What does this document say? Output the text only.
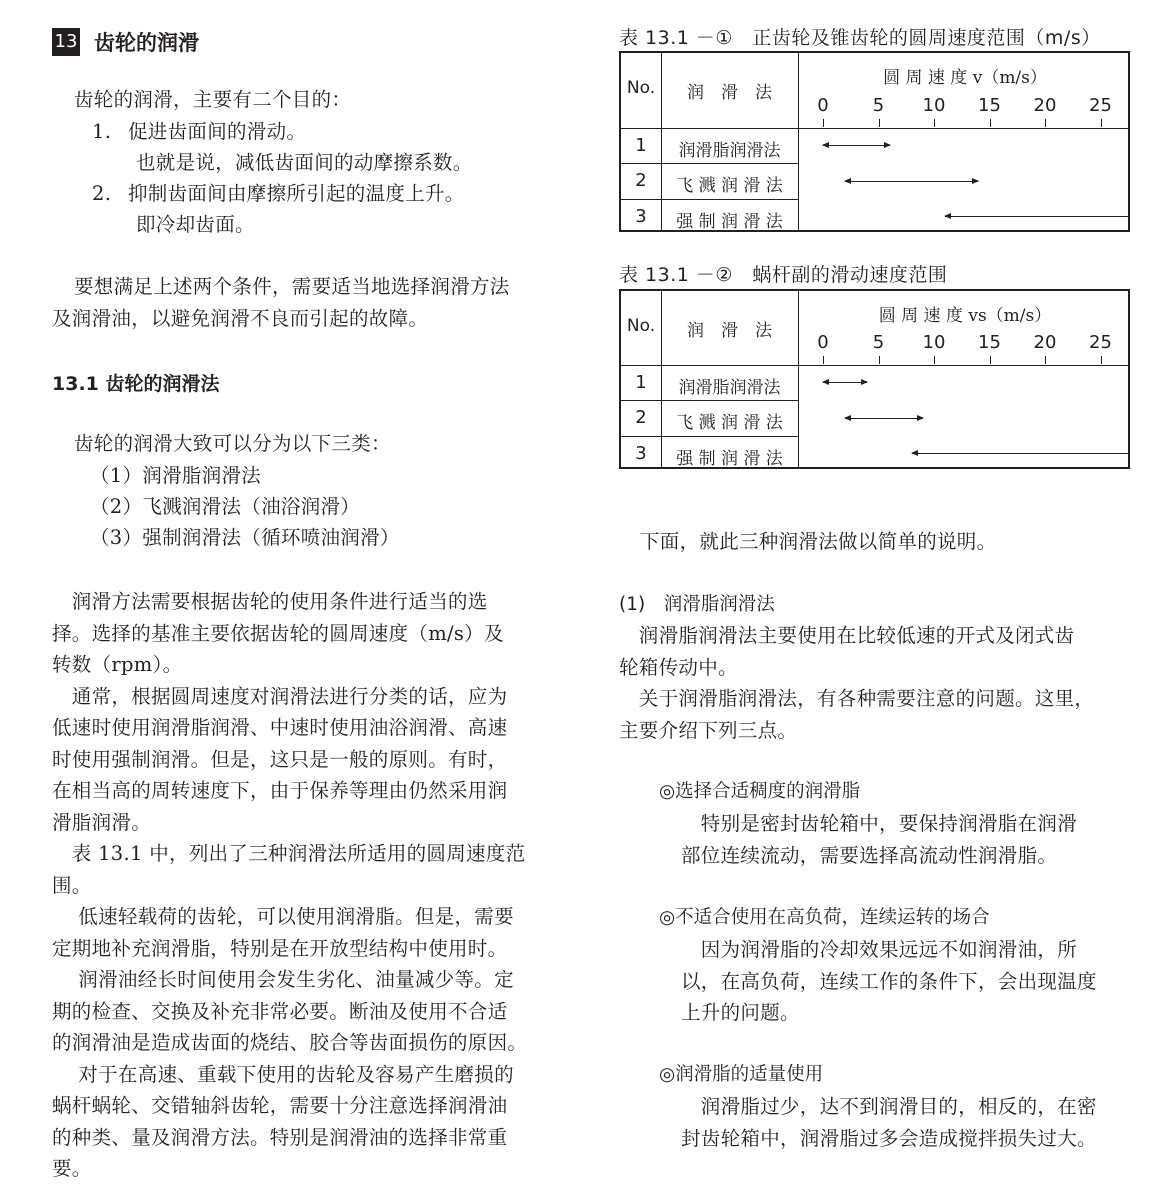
13 齿轮的润滑
齿轮的润滑，主要有二个目的：
1. 促进齿面间的滑动。
也就是说，减低齿面间的动摩擦系数。
2. 抑制齿面间由摩擦所引起的温度上升。
即冷却齿面。
要想满足上述两个条件，需要适当地选择润滑方法
及润滑油，以避免润滑不良而引起的故障。
13.1 齿轮的润滑法
齿轮的润滑大致可以分为以下三类：
（1）润滑脂润滑法
（2）飞溅润滑法（油浴润滑）
（3）强制润滑法（循环喷油润滑）
　润滑方法需要根据齿轮的使用条件进行适当的选
择。选择的基准主要依据齿轮的圆周速度（m/s）及
转数（rpm）。
　通常，根据圆周速度对润滑法进行分类的话，应为
低速时使用润滑脂润滑、中速时使用油浴润滑、高速
时使用强制润滑。但是，这只是一般的原则。有时，
在相当高的周转速度下，由于保养等理由仍然采用润
滑脂润滑。
　表 13.1 中，列出了三种润滑法所适用的圆周速度范
围。
　 低速轻载荷的齿轮，可以使用润滑脂。但是，需要
定期地补充润滑脂，特别是在开放型结构中使用时。
　 润滑油经长时间使用会发生劣化、油量减少等。定
期的检查、交换及补充非常必要。断油及使用不合适
的润滑油是造成齿面的烧结、胶合等齿面损伤的原因。
　 对于在高速、重载下使用的齿轮及容易产生磨损的
蜗杆蜗轮、交错轴斜齿轮，需要十分注意选择润滑油
的种类、量及润滑方法。特别是润滑油的选择非常重
要。
表 13.1 －①　正齿轮及锥齿轮的圆周速度范围（m/s）
No.	润　滑　法
圆 周 速 度 v（m/s）
0	5	10 15 20 25
1	润滑脂润滑法
2	飞 溅 润 滑 法
3	强 制 润 滑 法
表 13.1 －②　蜗杆副的滑动速度范围
No.	润　滑　法
圆 周 速 度 vs（m/s）
0	5	10 15 20 25
1	润滑脂润滑法
2	飞 溅 润 滑 法
3	强 制 润 滑 法
下面，就此三种润滑法做以简单的说明。
(1)　润滑脂润滑法
　润滑脂润滑法主要使用在比较低速的开式及闭式齿
轮箱传动中。
　关于润滑脂润滑法，有各种需要注意的问题。这里，
主要介绍下列三点。
◎选择合适稠度的润滑脂
　特别是密封齿轮箱中，要保持润滑脂在润滑
部位连续流动，需要选择高流动性润滑脂。
◎不适合使用在高负荷，连续运转的场合
　因为润滑脂的冷却效果远远不如润滑油，所
以，在高负荷，连续工作的条件下，会出现温度
上升的问题。
◎润滑脂的适量使用
　润滑脂过少，达不到润滑目的，相反的，在密
封齿轮箱中，润滑脂过多会造成搅拌损失过大。
